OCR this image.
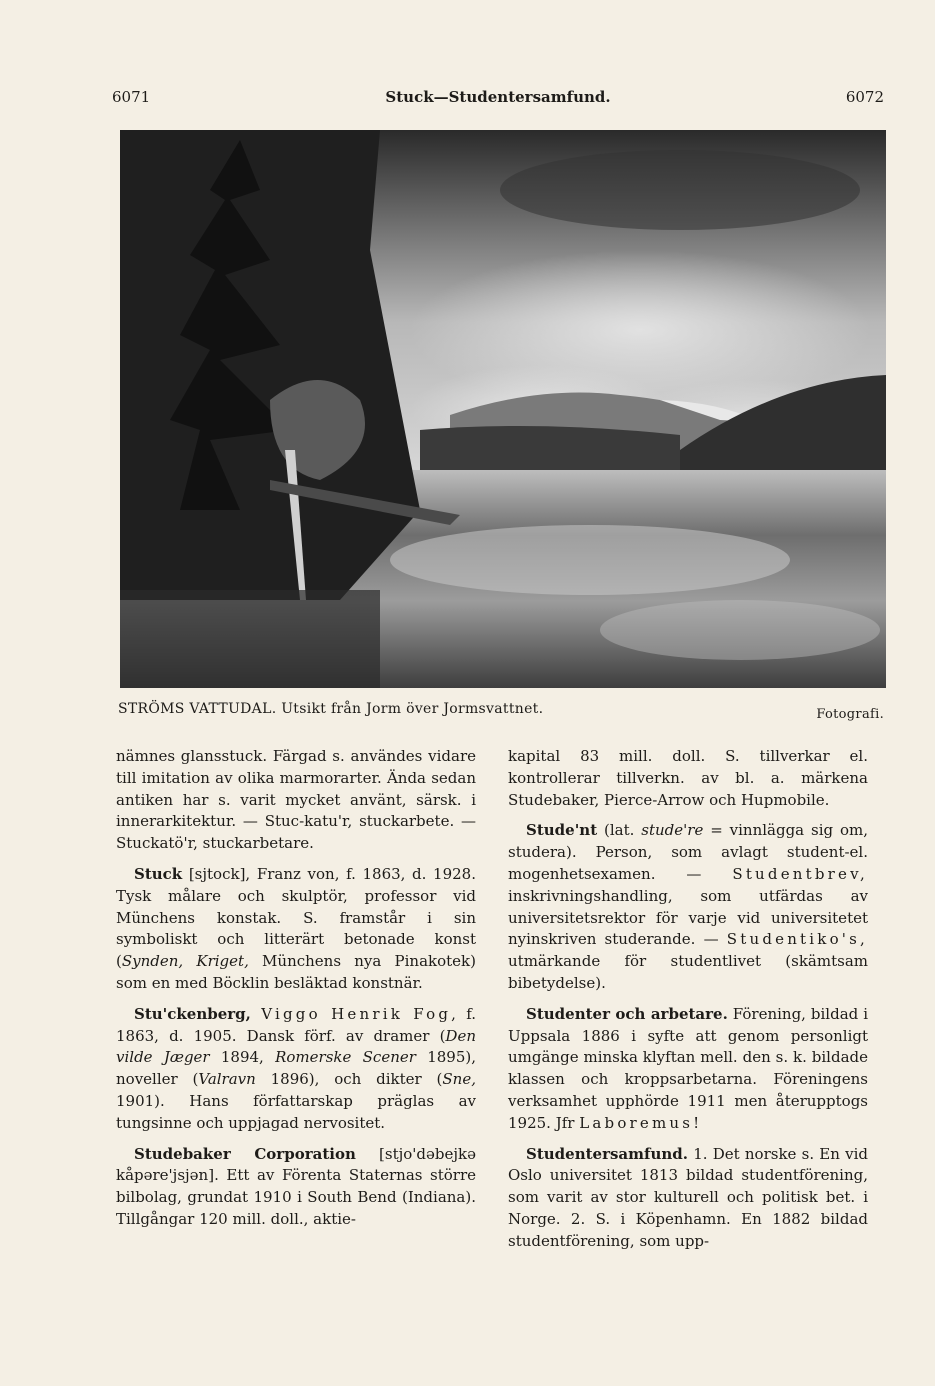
6071	Stuck—Studentersamfund.	6072
STRÖMS VATTUDAL. Utsikt från Jorm över Jormsvattnet.	Fotografi.

nämnes glansstuck. Färgad s. användes vidare till imitation av olika marmorarter. Ända sedan antiken har s. varit mycket använt, särsk. i innerarkitektur. — Stuc-katu'r, stuckarbete. — Stuckatö'r, stuckarbetare.

Stuck [sjtock], Franz von, f. 1863, d. 1928. Tysk målare och skulptör, professor vid Münchens konstak. S. framstår i sin symboliskt och litterärt betonade konst (Synden, Kriget, Münchens nya Pinakotek) som en med Böcklin besläktad konstnär.

Stu'ckenberg, Viggo Henrik Fog, f. 1863, d. 1905. Dansk förf. av dramer (Den vilde Jæger 1894, Romerske Scener 1895), noveller (Valravn 1896), och dikter (Sne, 1901). Hans författarskap präglas av tungsinne och uppjagad nervositet.

Studebaker Corporation [stjo'dəbejkə kåpəre'jsjən]. Ett av Förenta Staternas större bilbolag, grundat 1910 i South Bend (Indiana). Tillgångar 120 mill. doll., aktie-

kapital 83 mill. doll. S. tillverkar el. kontrollerar tillverkn. av bl. a. märkena Studebaker, Pierce-Arrow och Hupmobile.

Stude'nt (lat. stude're = vinnlägga sig om, studera). Person, som avlagt student-el. mogenhetsexamen. — Studentbrev, inskrivningshandling, som utfärdas av universitetsrektor för varje vid universitetet nyinskriven studerande. — Studentiko's, utmärkande för studentlivet (skämtsam bibetydelse).

Studenter och arbetare. Förening, bildad i Uppsala 1886 i syfte att genom personligt umgänge minska klyftan mell. den s. k. bildade klassen och kroppsarbetarna. Föreningens verksamhet upphörde 1911 men återupptogs 1925. Jfr Laboremus!

Studentersamfund. 1. Det norske s. En vid Oslo universitet 1813 bildad studentförening, som varit av stor kulturell och politisk bet. i Norge. 2. S. i Köpenhamn. En 1882 bildad studentförening, som upp-
